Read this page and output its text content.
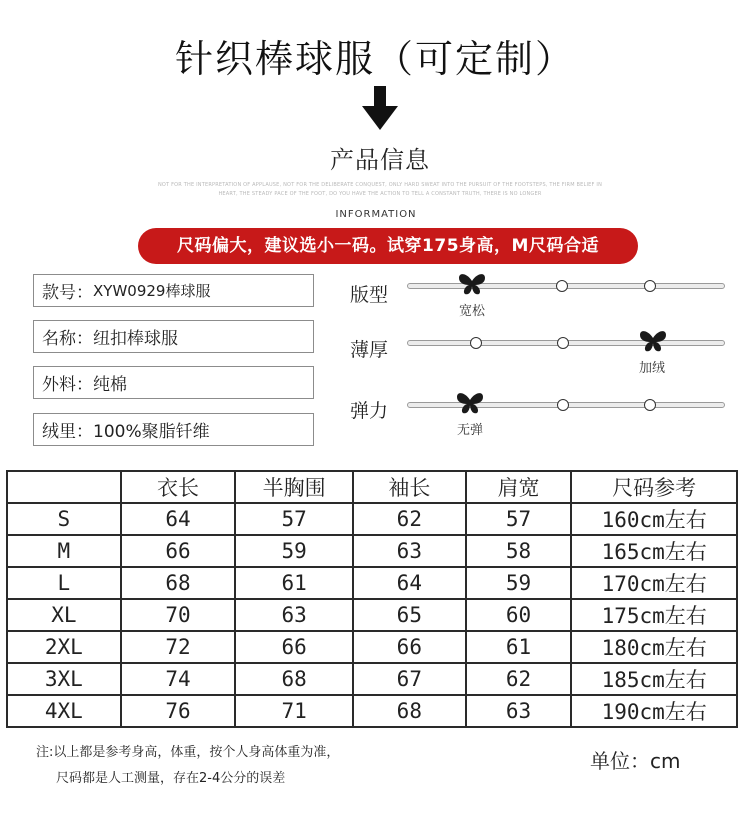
针织棒球服（可定制）
产品信息
NOT FOR THE INTERPRETATION OF APPLAUSE, NOT FOR THE DELIBERATE CONQUEST, ONLY HARD SWEAT INTO THE PURSUIT OF THE FOOTSTEPS, THE FIRM BELIEF IN
HEART, THE STEADY PACE OF THE FOOT, DO YOU HAVE THE ACTION TO TELL A CONSTANT TRUTH, THERE IS NO LONGER
INFORMATION
尺码偏大，建议选小一码。试穿175身高，M尺码合适
款号： XYW0929棒球服
名称： 纽扣棒球服
外料： 纯棉
绒里： 100%聚脂钎维
版型
宽松
薄厚
加绒
弹力
无弹
	衣长	半胸围	袖长	肩宽	尺码参考
S	64	57	62	57	160cm左右
M	66	59	63	58	165cm左右
L	68	61	64	59	170cm左右
XL	70	63	65	60	175cm左右
2XL	72	66	66	61	180cm左右
3XL	74	68	67	62	185cm左右
4XL	76	71	68	63	190cm左右
注:以上都是参考身高，体重，按个人身高体重为准，
尺码都是人工测量，存在2-4公分的误差
单位：cm
